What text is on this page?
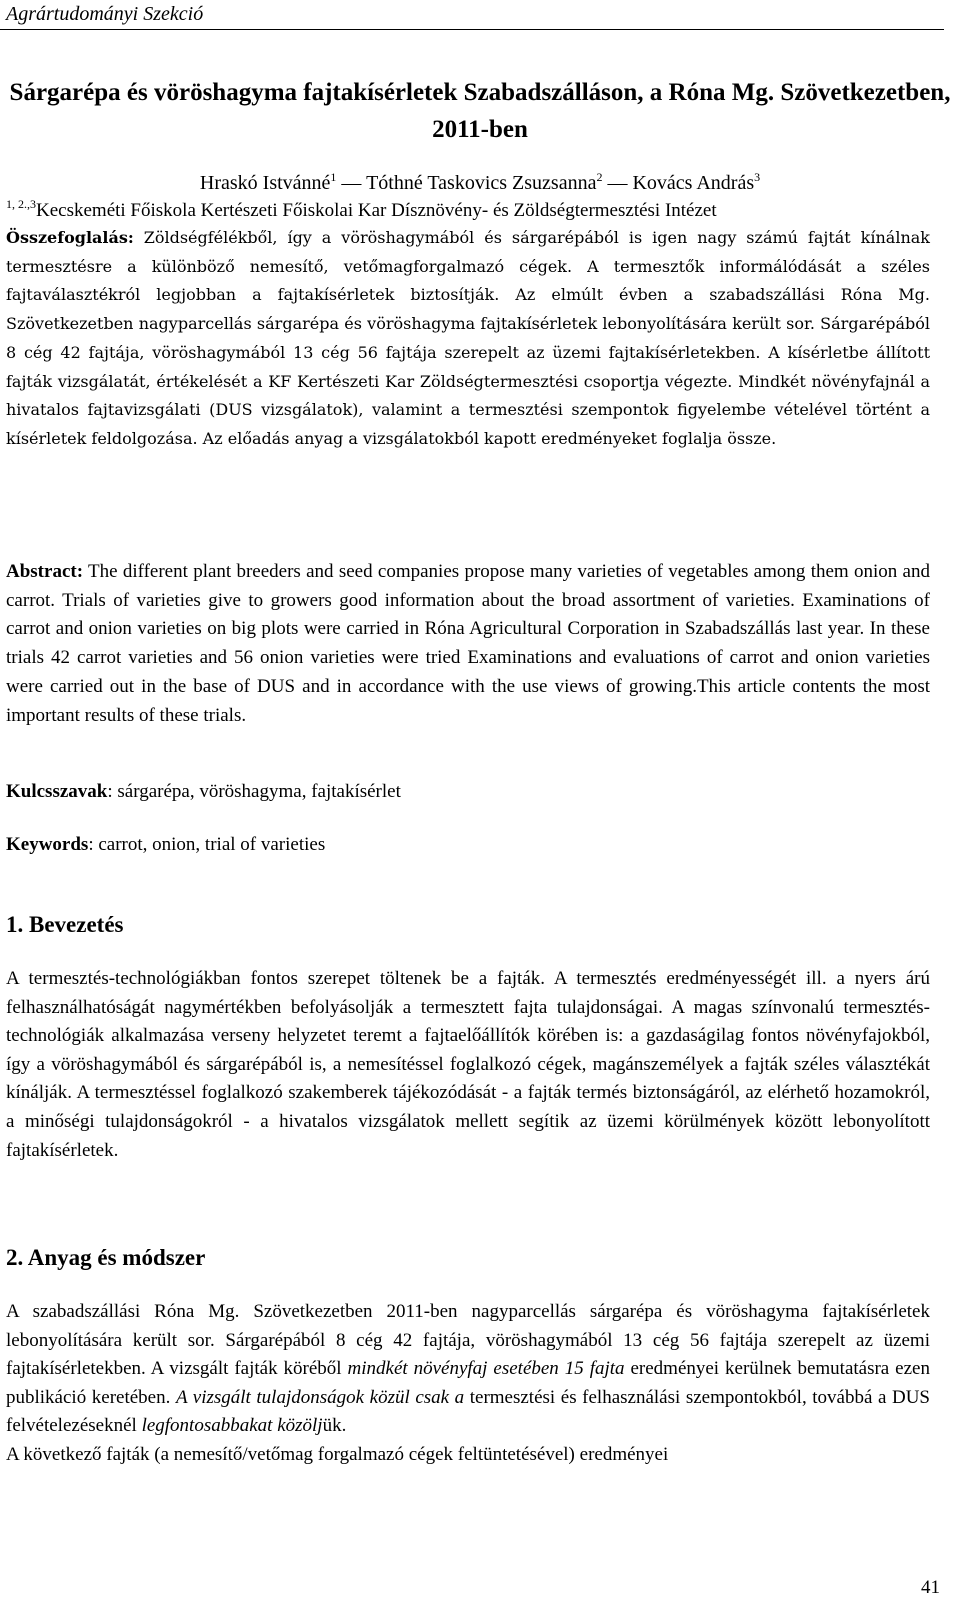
Agrártudományi Szekció
Sárgarépa és vöröshagyma fajtakísérletek Szabadszálláson, a Róna Mg. Szövetkezetben, 2011-ben
Hraskó Istvánné$^1$ — Tóthné Taskovics Zsuzsanna$^2$ — Kovács András$^3$
$^{1, 2.,3}$Kecskeméti Főiskola Kertészeti Főiskolai Kar Dísznövény- és Zöldségtermesztési Intézet

Összefoglalás: Zöldségfélékből, így a vöröshagymából és sárgarépából is igen nagy számú fajtát kínálnak termesztésre a különböző nemesítő, vetőmagforgalmazó cégek. A termesztők informálódását a széles fajtaválasztékról legjobban a fajtakísérletek biztosítják. Az elmúlt évben a szabadszállási Róna Mg. Szövetkezetben nagyparcellás sárgarépa és vöröshagyma fajtakísérletek lebonyolítására került sor. Sárgarépából 8 cég 42 fajtája, vöröshagymából 13 cég 56 fajtája szerepelt az üzemi fajtakísérletekben. A kísérletbe állított fajták vizsgálatát, értékelését a KF Kertészeti Kar Zöldségtermesztési csoportja végezte. Mindkét növényfajnál a hivatalos fajtavizsgálati (DUS vizsgálatok), valamint a termesztési szempontok figyelembe vételével történt a kísérletek feldolgozása. Az előadás anyag a vizsgálatokból kapott eredményeket foglalja össze.

Abstract: The different plant breeders and seed companies propose many varieties of vegetables among them onion and carrot. Trials of varieties give to growers good information about the broad assortment of varieties. Examinations of carrot and onion varieties on big plots were carried in Róna Agricultural Corporation in Szabadszállás last year. In these trials 42 carrot varieties and 56 onion varieties were tried Examinations and evaluations of carrot and onion varieties were carried out in the base of DUS and in accordance with the use views of growing.This article contents the most important results of these trials.

Kulcsszavak: sárgarépa, vöröshagyma, fajtakísérlet

Keywords: carrot, onion, trial of varieties

1. Bevezetés

A termesztés-technológiákban fontos szerepet töltenek be a fajták. A termesztés eredményességét ill. a nyers árú felhasználhatóságát nagymértékben befolyásolják a termesztett fajta tulajdonságai. A magas színvonalú termesztés-technológiák alkalmazása verseny helyzetet teremt a fajtaelőállítók körében is: a gazdaságilag fontos növényfajokból, így a vöröshagymából és sárgarépából is, a nemesítéssel foglalkozó cégek, magánszemélyek a fajták széles választékát kínálják. A termesztéssel foglalkozó szakemberek tájékozódását - a fajták termés biztonságáról, az elérhető hozamokról, a minőségi tulajdonságokról - a hivatalos vizsgálatok mellett segítik az üzemi körülmények között lebonyolított fajtakísérletek.

2. Anyag és módszer
A szabadszállási Róna Mg. Szövetkezetben 2011-ben nagyparcellás sárgarépa és vöröshagyma fajtakísérletek lebonyolítására került sor. Sárgarépából 8 cég 42 fajtája, vöröshagymából 13 cég 56 fajtája szerepelt az üzemi fajtakísérletekben. A vizsgált fajták köréből mindkét növényfaj esetében 15 fajta eredményei kerülnek bemutatásra ezen publikáció keretében. A vizsgált tulajdonságok közül csak a termesztési és felhasználási szempontokból, továbbá a DUS felvételezéseknél legfontosabbakat közöljük.
A következő fajták (a nemesítő/vetőmag forgalmazó cégek feltüntetésével) eredményei
41
